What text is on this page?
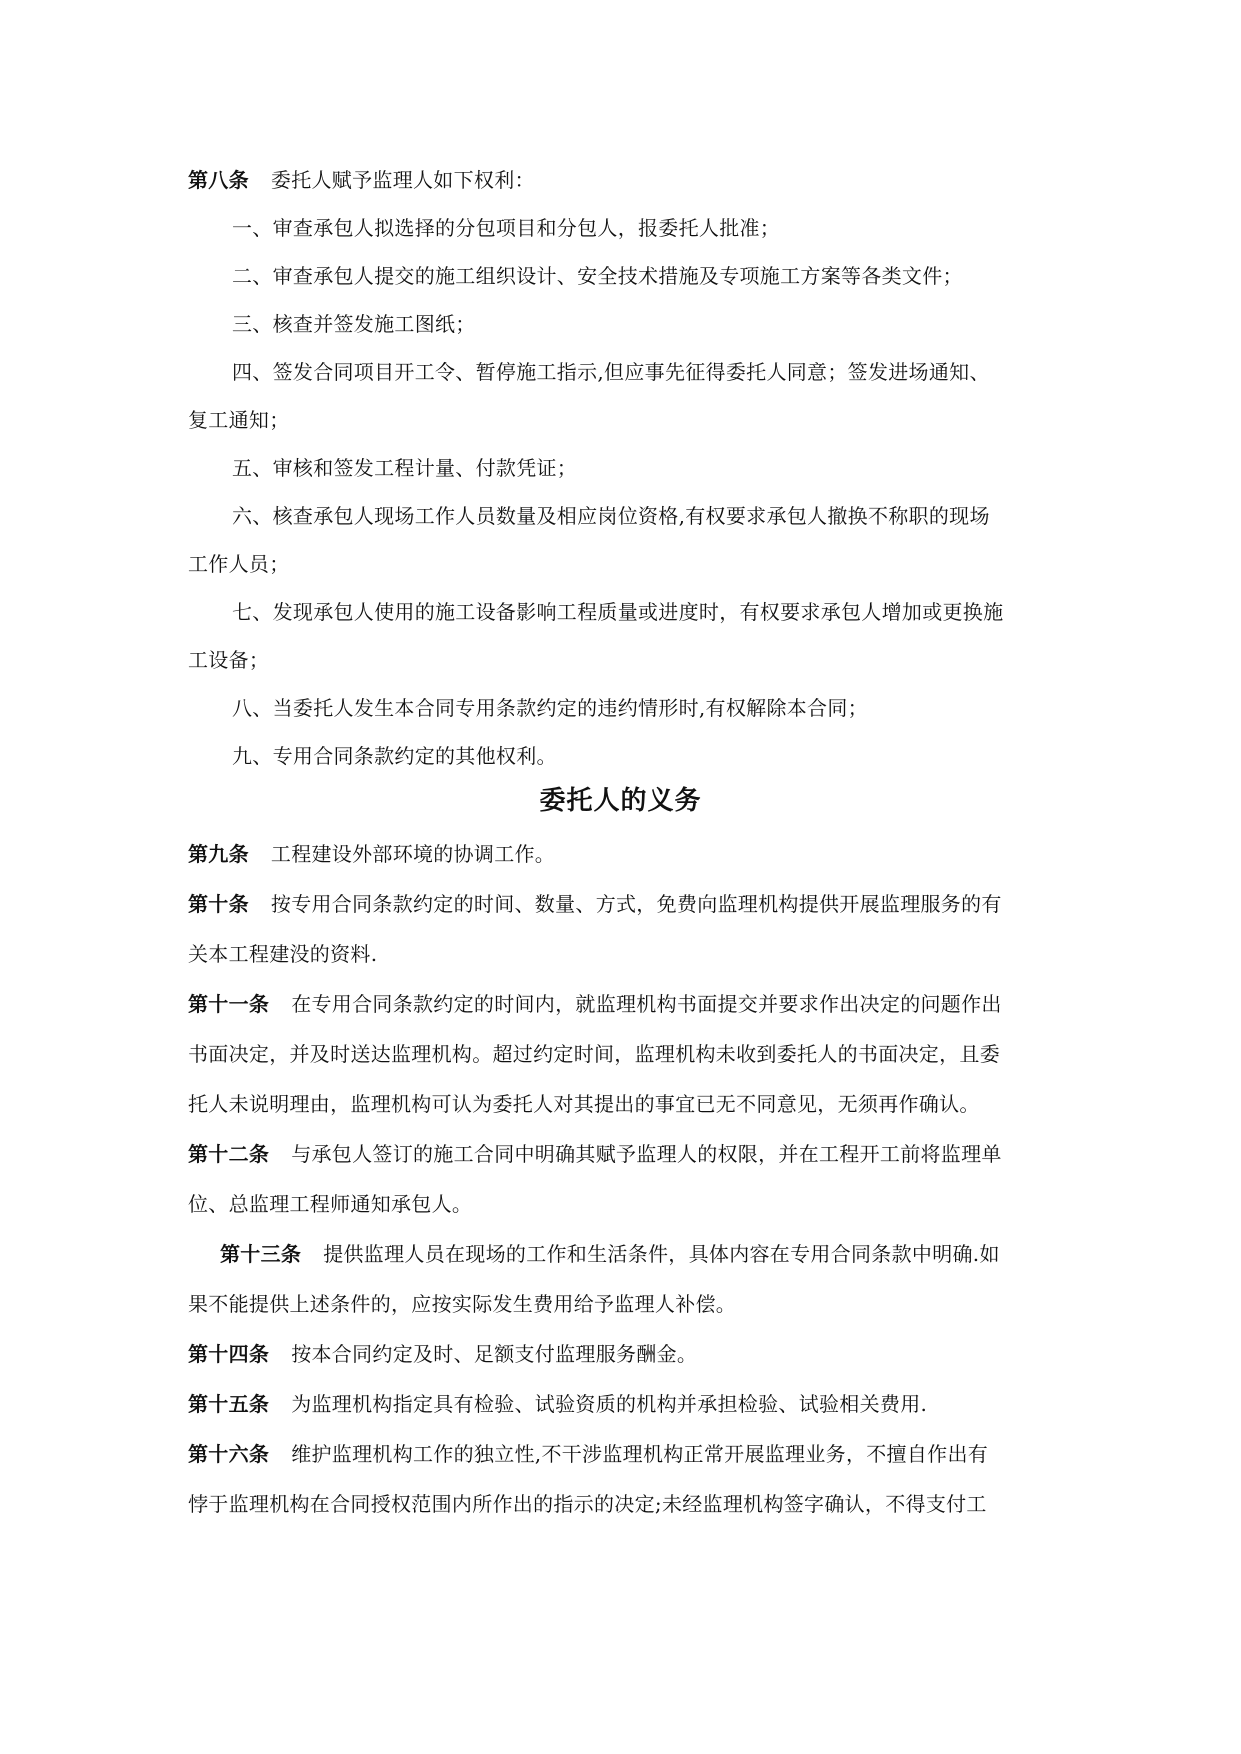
第八条 委托人赋予监理人如下权利：
一、审查承包人拟选择的分包项目和分包人，报委托人批准；
二、审查承包人提交的施工组织设计、安全技术措施及专项施工方案等各类文件；
三、核查并签发施工图纸；
四、签发合同项目开工令、暂停施工指示,但应事先征得委托人同意；签发进场通知、
复工通知；
五、审核和签发工程计量、付款凭证；
六、核查承包人现场工作人员数量及相应岗位资格,有权要求承包人撤换不称职的现场
工作人员；
七、发现承包人使用的施工设备影响工程质量或进度时，有权要求承包人增加或更换施
工设备；
八、当委托人发生本合同专用条款约定的违约情形时,有权解除本合同；
九、专用合同条款约定的其他权利。
委托人的义务
第九条 工程建设外部环境的协调工作。
第十条 按专用合同条款约定的时间、数量、方式，免费向监理机构提供开展监理服务的有
关本工程建没的资料.
第十一条 在专用合同条款约定的时间内，就监理机构书面提交并要求作出决定的问题作出
书面决定，并及时送达监理机构。超过约定时间，监理机构未收到委托人的书面决定，且委
托人未说明理由，监理机构可认为委托人对其提出的事宜已无不同意见，无须再作确认。
第十二条 与承包人签订的施工合同中明确其赋予监理人的权限，并在工程开工前将监理单
位、总监理工程师通知承包人。
第十三条 提供监理人员在现场的工作和生活条件，具体内容在专用合同条款中明确.如
果不能提供上述条件的，应按实际发生费用给予监理人补偿。
第十四条 按本合同约定及时、足额支付监理服务酬金。
第十五条 为监理机构指定具有检验、试验资质的机构并承担检验、试验相关费用.
第十六条 维护监理机构工作的独立性,不干涉监理机构正常开展监理业务，不擅自作出有
悖于监理机构在合同授权范围内所作出的指示的决定;未经监理机构签字确认，不得支付工
